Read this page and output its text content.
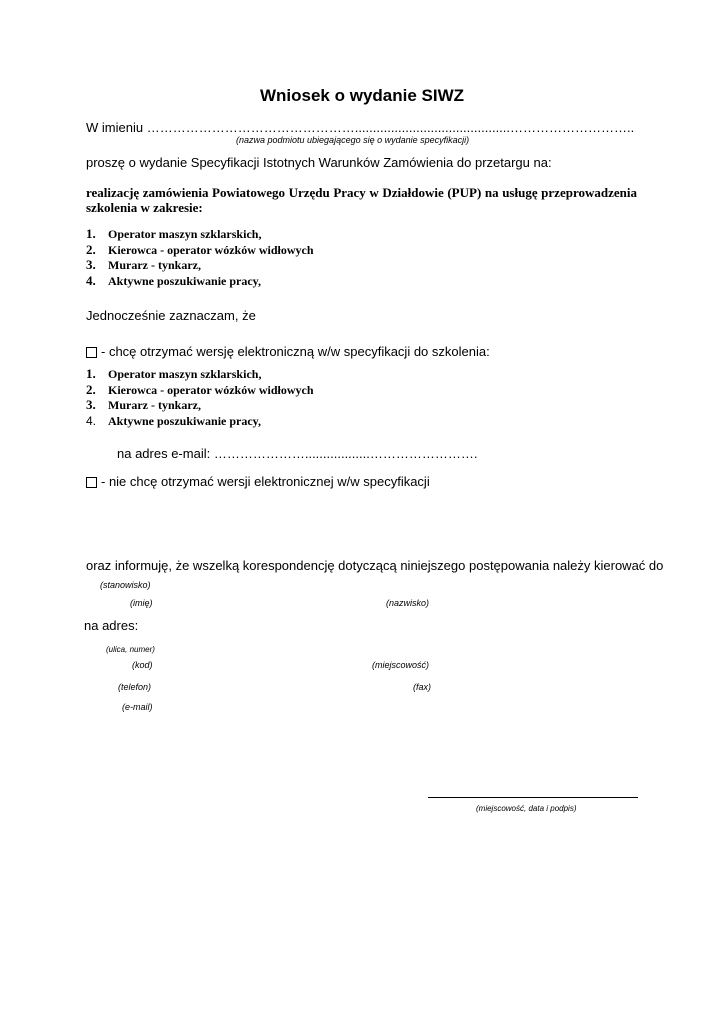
Wniosek o wydanie SIWZ
W imieniu …………………………………………...........................................………………………..
(nazwa podmiotu ubiegającego się o wydanie specyfikacji)
proszę o wydanie Specyfikacji Istotnych Warunków Zamówienia do przetargu na:
realizację zamówienia Powiatowego Urzędu Pracy w Działdowie (PUP) na usługę przeprowadzenia szkolenia w zakresie:
1. Operator maszyn szklarskich,
2. Kierowca - operator wózków widłowych
3. Murarz - tynkarz,
4. Aktywne poszukiwanie pracy,
Jednocześnie zaznaczam, że
- chcę otrzymać wersję elektroniczną w/w specyfikacji do szkolenia:
1. Operator maszyn szklarskich,
2. Kierowca - operator wózków widłowych
3. Murarz - tynkarz,
4. Aktywne poszukiwanie pracy,
na adres e-mail: …………………..................…………………….
- nie chcę otrzymać wersji elektronicznej w/w specyfikacji
oraz informuję, że wszelką korespondencję dotyczącą niniejszego postępowania należy kierować do
(stanowisko)
(imię)	(nazwisko)
na adres:
(ulica, numer)
(kod)	(miejscowość)
(telefon)	(fax)
(e-mail)
(miejscowość, data i podpis)
